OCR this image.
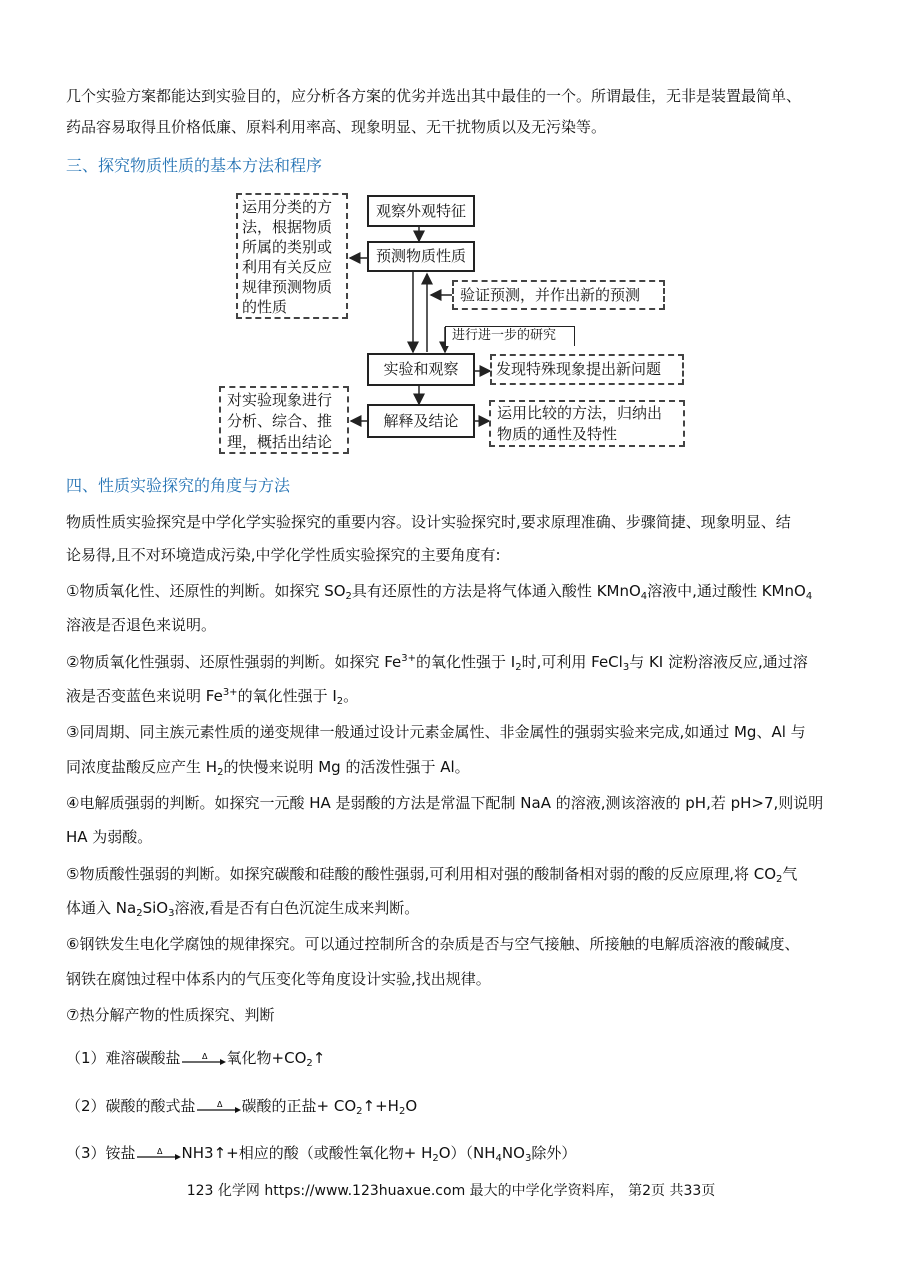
几个实验方案都能达到实验目的，应分析各方案的优劣并选出其中最佳的一个。所谓最佳，无非是装置最简单、
药品容易取得且价格低廉、原料利用率高、现象明显、无干扰物质以及无污染等。
三、探究物质性质的基本方法和程序
观察外观特征
预测物质性质
验证预测，并作出新的预测
进行进一步的研究
实验和观察	发现特殊现象提出新问题
解释及结论
运用分类的方
法，根据物质
所属的类别或
利用有关反应
规律预测物质
的性质
对实验现象进行
分析、综合、推
理，概括出结论
运用比较的方法，归纳出
物质的通性及特性
四、性质实验探究的角度与方法
物质性质实验探究是中学化学实验探究的重要内容。设计实验探究时,要求原理准确、步骤简捷、现象明显、结
论易得,且不对环境造成污染,中学化学性质实验探究的主要角度有:
①物质氧化性、还原性的判断。如探究 $SO_2$具有还原性的方法是将气体通入酸性 KMnO$_4$溶液中,通过酸性 KMnO$_4$
溶液是否退色来说明。
②物质氧化性强弱、还原性强弱的判断。如探究 $Fe^{3+}$的氧化性强于 $I_2$时,可利用 FeCl$_3$与 KI 淀粉溶液反应,通过溶
液是否变蓝色来说明 $Fe^{3+}$的氧化性强于 $I_2$。
③同周期、同主族元素性质的递变规律一般通过设计元素金属性、非金属性的强弱实验来完成,如通过 Mg、Al 与
同浓度盐酸反应产生 $H_2$的快慢来说明 Mg 的活泼性强于 Al。
④电解质强弱的判断。如探究一元酸 HA 是弱酸的方法是常温下配制 NaA 的溶液,测该溶液的 pH,若 pH>7,则说明
HA 为弱酸。
⑤物质酸性强弱的判断。如探究碳酸和硅酸的酸性强弱,可利用相对强的酸制备相对弱的酸的反应原理,将 $CO_2$气
体通入 $Na_2SiO_3$溶液,看是否有白色沉淀生成来判断。
⑥钢铁发生电化学腐蚀的规律探究。可以通过控制所含的杂质是否与空气接触、所接触的电解质溶液的酸碱度、
钢铁在腐蚀过程中体系内的气压变化等角度设计实验,找出规律。
⑦热分解产物的性质探究、判断
（1）难溶碳酸盐	Δ 氧化物$+CO_2↑$
（2）碳酸的酸式盐	Δ 碳酸的正盐+ $CO_2↑+H_2O$
（3）铵盐	Δ NH3↑+相应的酸（或酸性氧化物+ $H_2O)(NH_4NO_3$除外）
123 化学网 https://www.123huaxue.com 最大的中学化学资料库， 第2页 共33页
